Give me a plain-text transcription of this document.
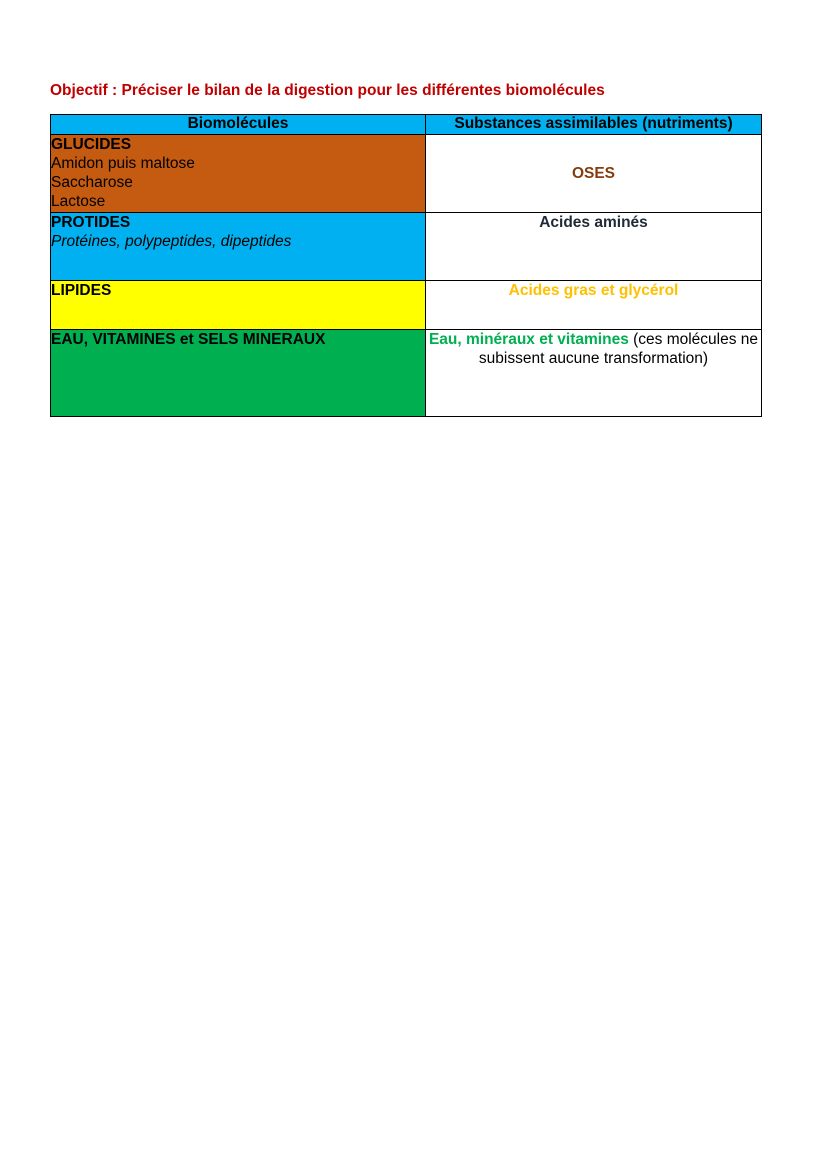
Objectif : Préciser le bilan de la digestion pour les différentes biomolécules
Biomolécules	Substances assimilables (nutriments)

GLUCIDES
Amidon puis maltose
Saccharose
Lactose	OSES

PROTIDES
Protéines, polypeptides, dipeptides	Acides aminés

LIPIDES	Acides gras et glycérol

EAU, VITAMINES et SELS MINERAUX	Eau, minéraux et vitamines (ces molécules ne subissent aucune transformation)
